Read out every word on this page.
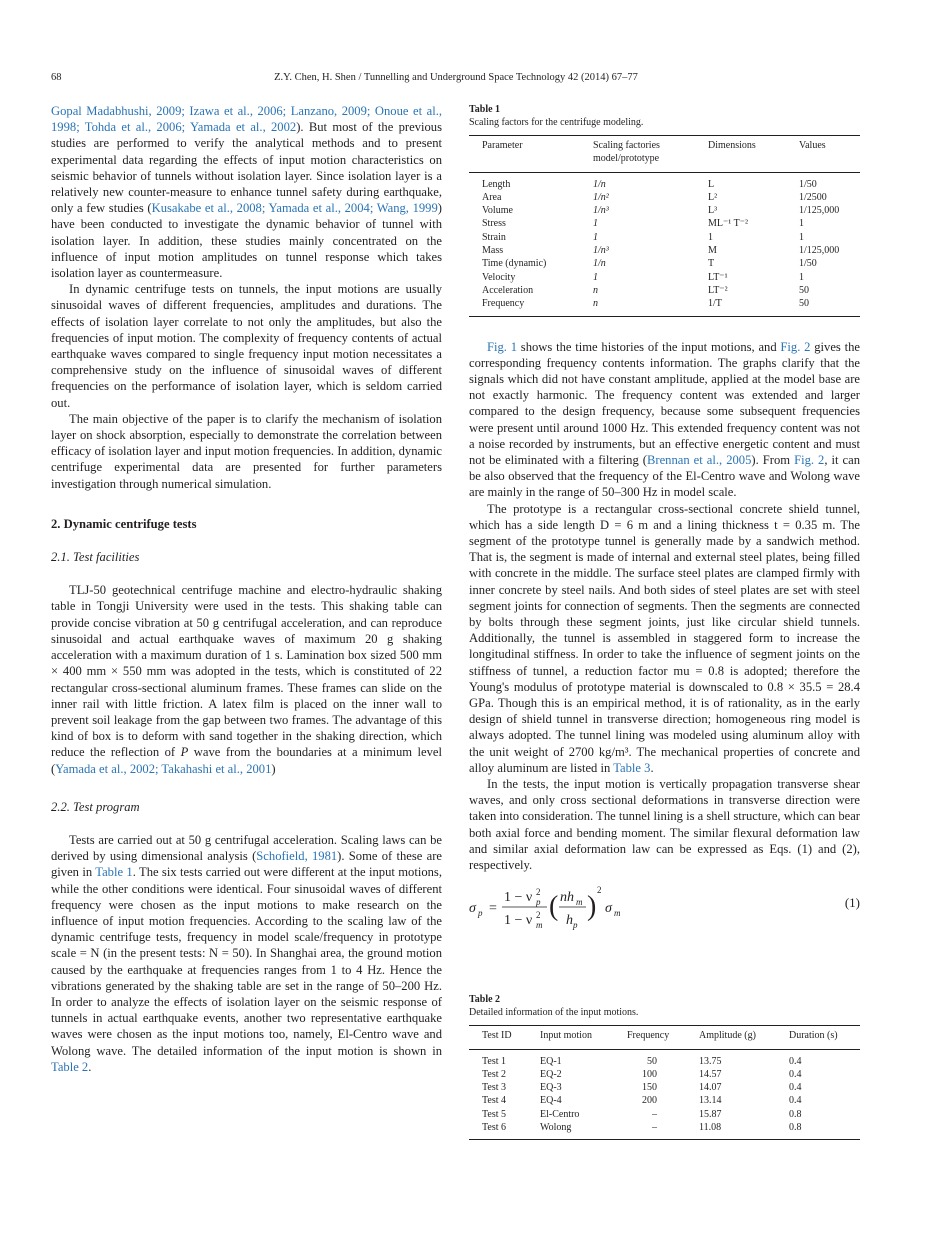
68	Z.Y. Chen, H. Shen / Tunnelling and Underground Space Technology 42 (2014) 67–77

Gopal Madabhushi, 2009; Izawa et al., 2006; Lanzano, 2009; Onoue et al., 1998; Tohda et al., 2006; Yamada et al., 2002). But most of the previous studies are performed to verify the analytical methods and to present experimental data regarding the effects of input motion characteristics on seismic behavior of tunnels without isolation layer. Since isolation layer is a relatively new counter-measure to enhance tunnel safety during earthquake, only a few studies (Kusakabe et al., 2008; Yamada et al., 2004; Wang, 1999) have been conducted to investigate the dynamic behavior of tunnel with isolation layer. In addition, these studies mainly concentrated on the influence of input motion amplitudes on tunnel response which takes isolation layer as countermeasure.

In dynamic centrifuge tests on tunnels, the input motions are usually sinusoidal waves of different frequencies, amplitudes and durations. The effects of isolation layer correlate to not only the amplitudes, but also the frequencies of input motion. The complexity of frequency contents of actual earthquake waves compared to single frequency input motion necessitates a comprehensive study on the influence of sinusoidal waves of different frequencies on the performance of isolation layer, which is seldom carried out.

The main objective of the paper is to clarify the mechanism of isolation layer on shock absorption, especially to demonstrate the correlation between efficacy of isolation layer and input motion frequencies. In addition, dynamic centrifuge experimental data are presented for further parameters investigation through numerical simulation.

2. Dynamic centrifuge tests
2.1. Test facilities

TLJ-50 geotechnical centrifuge machine and electro-hydraulic shaking table in Tongji University were used in the tests. This shaking table can provide concise vibration at 50 g centrifugal acceleration, and can reproduce sinusoidal and actual earthquake waves of maximum 20 g shaking acceleration with a maximum duration of 1 s. Lamination box sized 500 mm × 400 mm × 550 mm was adopted in the tests, which is constituted of 22 rectangular cross-sectional aluminum frames. These frames can slide on the inner rail with little friction. A latex film is placed on the inner wall to prevent soil leakage from the gap between two frames. The advantage of this kind of box is to deform with sand together in the shaking direction, which reduce the reflection of P wave from the boundaries at a minimum level (Yamada et al., 2002; Takahashi et al., 2001)

2.2. Test program

Tests are carried out at 50 g centrifugal acceleration. Scaling laws can be derived by using dimensional analysis (Schofield, 1981). Some of these are given in Table 1. The six tests carried out were different at the input motions, while the other conditions were identical. Four sinusoidal waves of different frequency were chosen as the input motions to make research on the influence of input motion frequencies. According to the scaling law of the dynamic centrifuge tests, frequency in model scale/frequency in prototype scale = N (in the present tests: N = 50). In Shanghai area, the ground motion caused by the earthquake at frequencies ranges from 1 to 4 Hz. Hence the vibrations generated by the shaking table are set in the range of 50–200 Hz. In order to analyze the effects of isolation layer on the seismic response of tunnels in actual earthquake events, another two representative earthquake waves were chosen as the input motions too, namely, El-Centro wave and Wolong wave. The detailed information of the input motion is shown in Table 2.

Table 1
Scaling factors for the centrifuge modeling.
Parameter	Scaling factories model/prototype	Dimensions	Values
Length	1/n	L	1/50
Area	1/n²	L²	1/2500
Volume	1/n³	L³	1/125,000
Stress	1	ML⁻¹ T⁻²	1
Strain	1	1	1
Mass	1/n³	M	1/125,000
Time (dynamic)	1/n	T	1/50
Velocity	1	LT⁻¹	1
Acceleration	n	LT⁻²	50
Frequency	n	1/T	50

Fig. 1 shows the time histories of the input motions, and Fig. 2 gives the corresponding frequency contents information. The graphs clarify that the signals which did not have constant amplitude, applied at the model base are not exactly harmonic. The frequency content was extended and larger compared to the design frequency, because some subsequent frequencies were present until around 1000 Hz. This extended frequency content was not a noise recorded by instruments, but an effective energetic content and must not be eliminated with a filtering (Brennan et al., 2005). From Fig. 2, it can be also observed that the frequency of the El-Centro wave and Wolong wave are mainly in the range of 50–300 Hz in model scale.

The prototype is a rectangular cross-sectional concrete shield tunnel, which has a side length D = 6 m and a lining thickness t = 0.35 m. The segment of the prototype tunnel is generally made by a sandwich method. That is, the segment is made of internal and external steel plates, being filled with concrete in the middle. The surface steel plates are clamped firmly with inner concrete by steel nails. And both sides of steel plates are set with steel segment joints for connection of segments. Then the segments are connected by bolts through these segment joints, just like circular shield tunnels. Additionally, the tunnel is assembled in staggered form to increase the longitudinal stiffness. In order to take the influence of segment joints on the stiffness of tunnel, a reduction factor mu = 0.8 is adopted; therefore the Young's modulus of prototype material is downscaled to 0.8 × 35.5 = 28.4 GPa. Though this is an empirical method, it is of rationality, as in the early design of shield tunnel in transverse direction; homogeneous ring model is always adopted. The tunnel lining was modeled using aluminum alloy with the unit weight of 2700 kg/m³. The mechanical properties of concrete and alloy aluminum are listed in Table 3.

In the tests, the input motion is vertically propagation transverse shear waves, and only cross sectional deformations in transverse direction were taken into consideration. The tunnel lining is a shell structure, which can bear both axial force and bending moment. The similar flexural deformation law and similar axial deformation law can be expressed as Eqs. (1) and (2), respectively.

σ p =
1 − ν 2
p
1 − ν 2
m
( nh m
h p
)
2
σ m
(1)
Table 2
Detailed information of the input motions.
Test ID	Input motion	Frequency	Amplitude (g)	Duration (s)
Test 1	EQ-1	50	13.75	0.4
Test 2	EQ-2	100	14.57	0.4
Test 3	EQ-3	150	14.07	0.4
Test 4	EQ-4	200	13.14	0.4
Test 5	El-Centro	–	15.87	0.8
Test 6	Wolong	–	11.08	0.8
